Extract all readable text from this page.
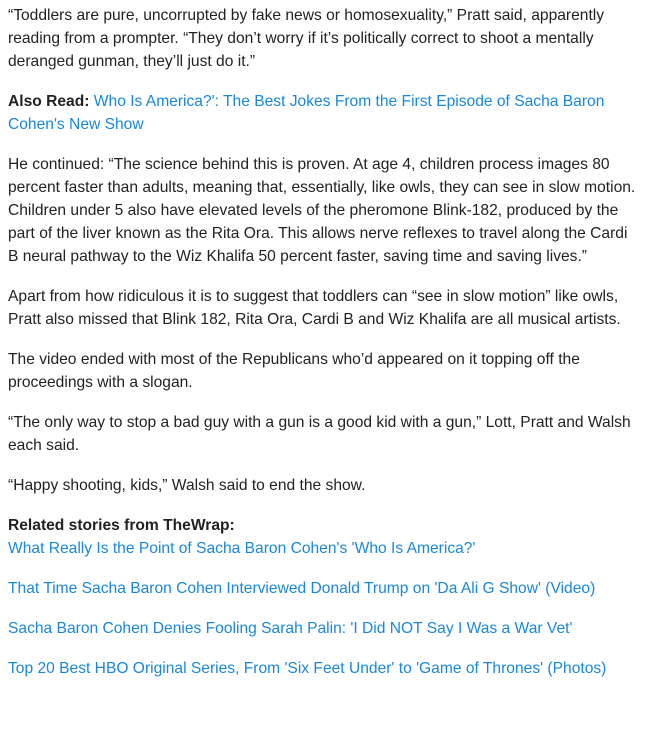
“Toddlers are pure, uncorrupted by fake news or homosexuality,” Pratt said, apparently reading from a prompter. “They don’t worry if it’s politically correct to shoot a mentally deranged gunman, they’ll just do it.”

Also Read: Who Is America?': The Best Jokes From the First Episode of Sacha Baron Cohen's New Show

He continued: “The science behind this is proven. At age 4, children process images 80 percent faster than adults, meaning that, essentially, like owls, they can see in slow motion. Children under 5 also have elevated levels of the pheromone Blink-182, produced by the part of the liver known as the Rita Ora. This allows nerve reflexes to travel along the Cardi B neural pathway to the Wiz Khalifa 50 percent faster, saving time and saving lives.”

Apart from how ridiculous it is to suggest that toddlers can “see in slow motion” like owls, Pratt also missed that Blink 182, Rita Ora, Cardi B and Wiz Khalifa are all musical artists.

The video ended with most of the Republicans who’d appeared on it topping off the proceedings with a slogan.

“The only way to stop a bad guy with a gun is a good kid with a gun,” Lott, Pratt and Walsh each said.

“Happy shooting, kids,” Walsh said to end the show.

Related stories from TheWrap:

What Really Is the Point of Sacha Baron Cohen's 'Who Is America?'
That Time Sacha Baron Cohen Interviewed Donald Trump on 'Da Ali G Show' (Video)
Sacha Baron Cohen Denies Fooling Sarah Palin: 'I Did NOT Say I Was a War Vet'
Top 20 Best HBO Original Series, From 'Six Feet Under' to 'Game of Thrones' (Photos)
